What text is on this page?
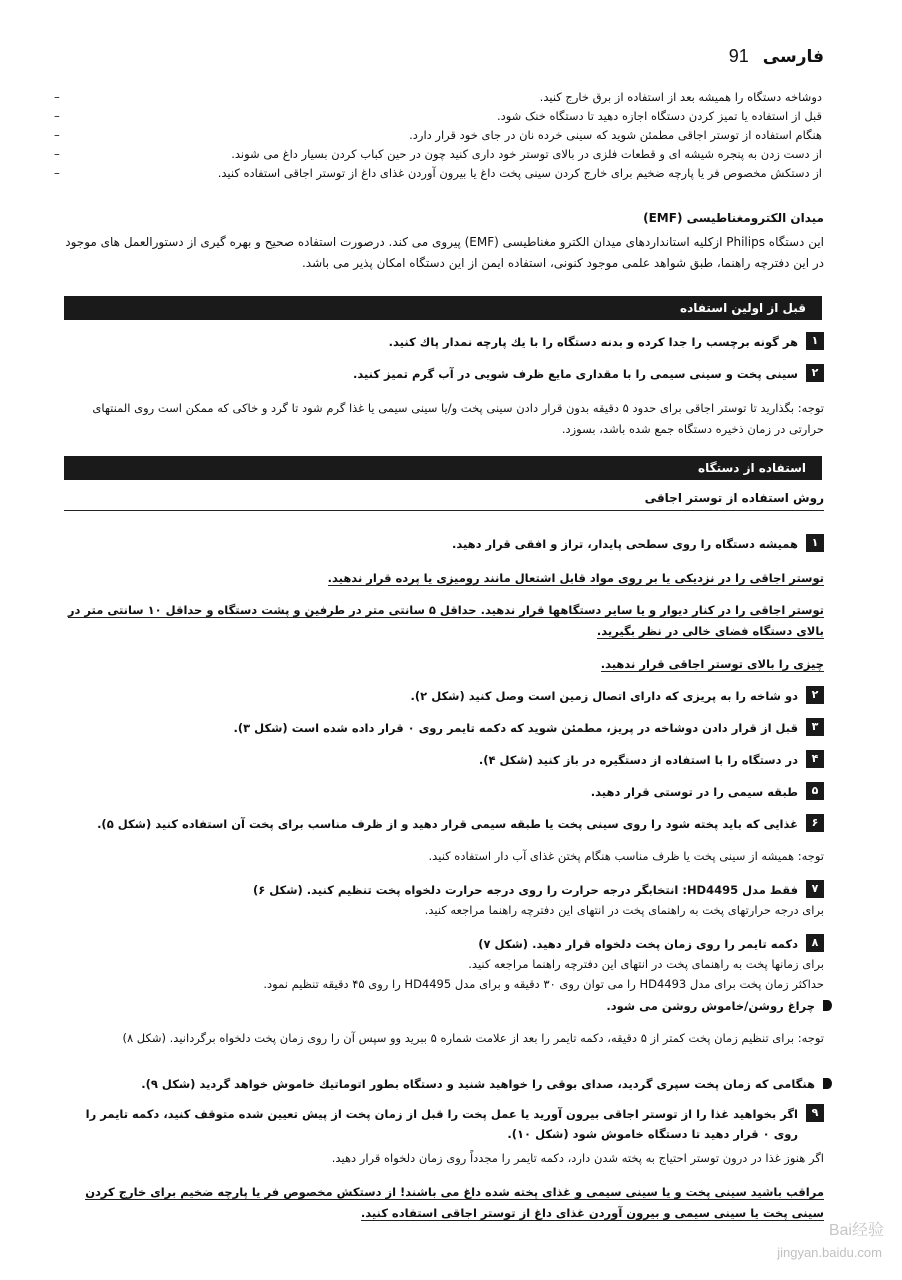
فارسی
91
–	دوشاخه دستگاه را همیشه بعد از استفاده از برق خارج کنید.
–	قبل از استفاده یا تمیز کردن دستگاه اجازه دهید تا دستگاه خنک شود.
–	هنگام استفاده از توستر اجاقی مطمئن شوید که سینی خرده نان در جای خود قرار دارد.
–	از دست زدن به پنجره شیشه ای و قطعات فلزی در بالای توستر خود داری کنید چون در حین کباب کردن بسیار داغ می شوند.
–	از دستکش مخصوص فر یا پارچه ضخیم برای خارج کردن سینی پخت داغ یا بیرون آوردن غذای داغ از توستر اجاقی استفاده کنید.
میدان الکترومغناطیسی (EMF)
این دستگاه Philips ازکلیه استانداردهای میدان الکترو مغناطیسی (EMF) پیروی می کند. درصورت استفاده صحیح و بهره گیری از دستورالعمل های موجود در این دفترچه راهنما، طبق شواهد علمی موجود کنونی، استفاده ایمن از این دستگاه امکان پذیر می باشد.
قبل از اولین استفاده
۱
هر گونه برچسب را جدا کرده و بدنه دستگاه را با یك پارچه نمدار پاك کنید.
۲
سینی پخت و سینی سیمی را با مقداری مایع ظرف شویی در آب گرم تمیز کنید.
توجه: بگذارید تا توستر اجاقی برای حدود ۵ دقیقه بدون قرار دادن سینی پخت و/یا سینی سیمی یا غذا گرم شود تا گرد و خاکی که ممکن است روی المنتهای حرارتی در زمان ذخیره دستگاه جمع شده باشد، بسوزد.
استفاده از دستگاه
روش استفاده از توستر اجاقی
۱
همیشه دستگاه را روی سطحی پایدار، تراز و افقی قرار دهید.
توستر اجاقی را در نزدیکی یا بر روی مواد قابل اشتعال مانند رومیزی یا پرده قرار ندهید.
توستر اجاقی را در کنار دیوار و یا سایر دستگاهها قرار ندهید. حداقل ۵ سانتی متر در طرفین و پشت دستگاه و حداقل ۱۰ سانتی متر در بالای دستگاه فضای خالی در نظر بگیرید.
چیزی را بالای توستر اجاقی قرار ندهید.
۲
دو شاخه را به پریزی که دارای اتصال زمین است وصل کنید (شکل ۲).
۳
قبل از قرار دادن دوشاخه در پریز، مطمئن شوید که دکمه تایمر روی ۰ قرار داده شده است (شکل ۳).
۴
در دستگاه را با استفاده از دستگیره در باز کنید (شکل ۴).
۵
طبقه سیمی را در توستی قرار دهید.
۶
غذایی که باید پخته شود را روی سینی پخت یا طبقه سیمی قرار دهید و از ظرف مناسب برای پخت آن استفاده کنید (شکل ۵).
توجه: همیشه از سینی پخت یا ظرف مناسب هنگام پختن غذای آب دار استفاده کنید.
۷
فقط مدل HD4495: انتخابگر درجه حرارت را روی درجه حرارت دلخواه پخت تنظیم کنید. (شکل ۶)
برای درجه حرارتهای پخت به راهنمای پخت در انتهای این دفترچه راهنما مراجعه کنید.
۸
دکمه تایمر را روی زمان پخت دلخواه قرار دهید. (شکل ۷)
برای زمانها پخت به راهنمای پخت در انتهای این دفترچه راهنما مراجعه کنید.
حداکثر زمان پخت برای مدل HD4493 را می توان روی ۳۰ دقیقه و برای مدل HD4495 را روی ۴۵ دقیقه تنظیم نمود.
چراغ روشن/خاموش روشن می شود.
توجه: برای تنظیم زمان پخت کمتر از ۵ دقیقه، دکمه تایمر را بعد از علامت شماره ۵ ببرید وو سپس آن را روی زمان پخت دلخواه برگردانید. (شکل ۸)
هنگامی که زمان پخت سپری گردید، صدای بوقی را خواهید شنید و دستگاه بطور اتوماتیك خاموش خواهد گردید (شکل ۹).
۹
اگر بخواهید غذا را از توستر اجاقی بیرون آورید یا عمل پخت را قبل از زمان پخت از پیش تعیین شده متوقف کنید، دکمه تایمر را روی ۰ قرار دهید تا دستگاه خاموش شود (شکل ۱۰).
اگر هنوز غذا در درون توستر احتیاج به پخته شدن دارد، دکمه تایمر را مجدداً روی زمان دلخواه قرار دهید.
مراقب باشید سینی پخت و یا سینی سیمی و غذای پخته شده داغ می باشند! از دستکش مخصوص فر یا پارچه ضخیم برای خارج کردن سینی پخت یا سینی سیمی و بیرون آوردن غذای داغ از توستر اجاقی استفاده کنید.
Bai经验
jingyan.baidu.com
